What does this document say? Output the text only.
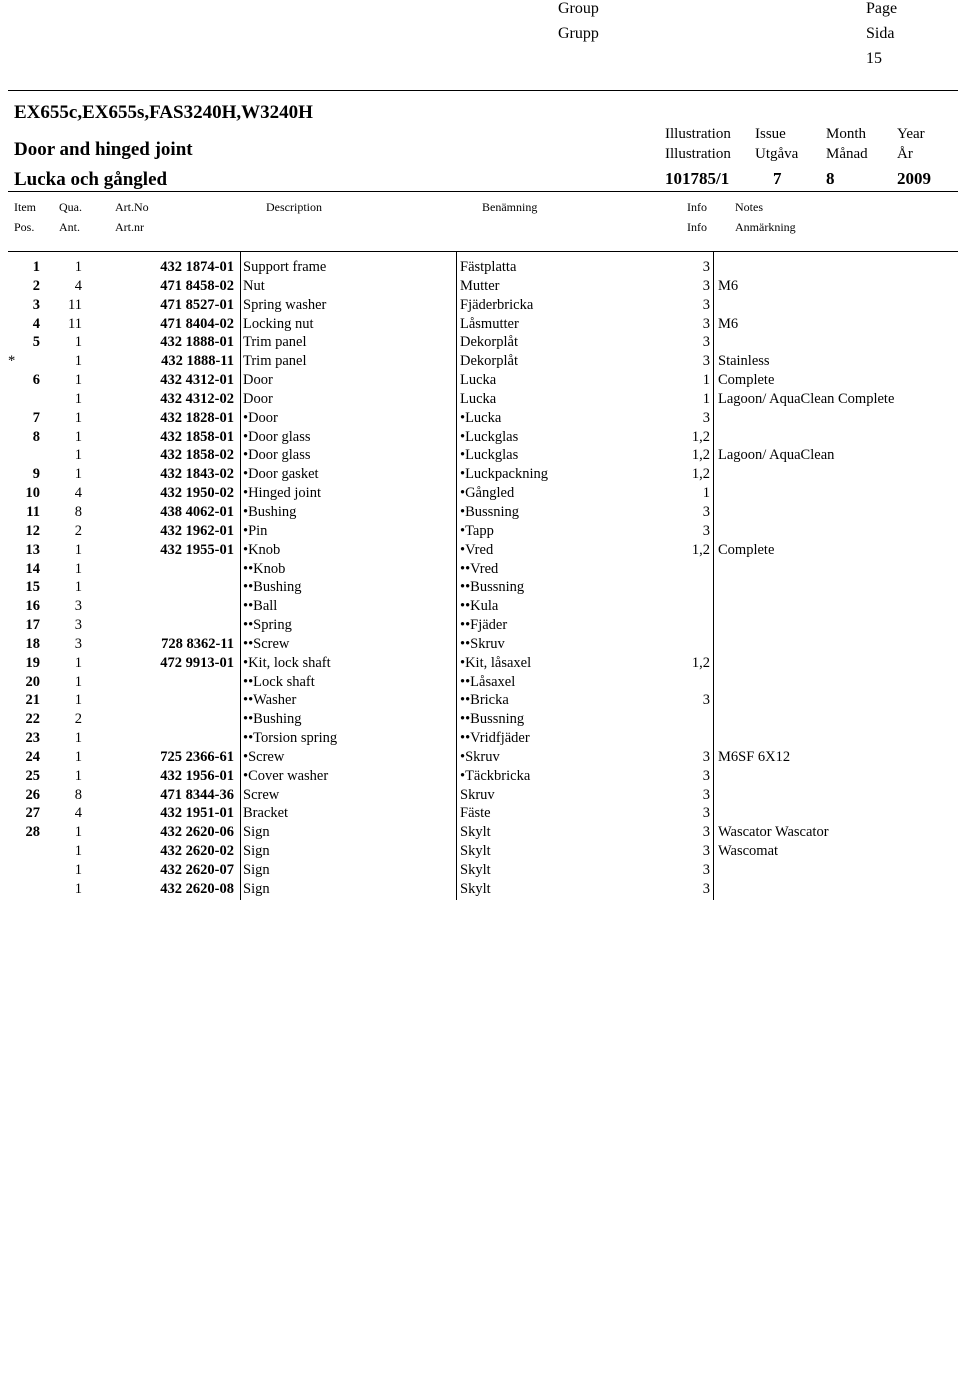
Group
Grupp
Page
Sida
15
EX655c,EX655s,FAS3240H,W3240H
Door and hinged joint
Lucka och gångled
Illustration
Illustration
Issue
Utgåva
Month
Månad
Year
År
101785/1	7	8	2009
Item
Pos.
Qua.
Ant.
Art.No
Art.nr
Description	Benämning	Info
Info
Notes
Anmärkning
1 1	432 1874-01 Support frame	Fästplatta	3
2 4	471 8458-02 Nut	Mutter	3 M6
3 11	471 8527-01 Spring washer	Fjäderbricka	3
4 11	471 8404-02 Locking nut	Låsmutter	3 M6
5 1	432 1888-01 Trim panel	Dekorplåt	3
*	1	432 1888-11 Trim panel	Dekorplåt	3 Stainless
6 1	432 4312-01 Door	Lucka	1 Complete
1	432 4312-02 Door	Lucka	1 Lagoon/ AquaClean Complete
7 1	432 1828-01 •Door	•Lucka	3
8 1	432 1858-01 •Door glass	•Luckglas	1,2
1	432 1858-02 •Door glass	•Luckglas	1,2 Lagoon/ AquaClean
9 1	432 1843-02 •Door gasket	•Luckpackning	1,2
10 4	432 1950-02 •Hinged joint	•Gångled	1
11 8	438 4062-01 •Bushing	•Bussning	3
12 2	432 1962-01 •Pin	•Tapp	3
13 1	432 1955-01 •Knob	•Vred	1,2 Complete
14 1	••Knob	••Vred
15 1	••Bushing	••Bussning
16 3	••Ball	••Kula
17 3	••Spring	••Fjäder
18 3	728 8362-11 ••Screw	••Skruv
19 1	472 9913-01 •Kit, lock shaft	•Kit, låsaxel	1,2
20 1	••Lock shaft	••Låsaxel
21 1	••Washer	••Bricka	3
22 2	••Bushing	••Bussning
23 1	••Torsion spring	••Vridfjäder
24 1	725 2366-61 •Screw	•Skruv	3 M6SF 6X12
25 1	432 1956-01 •Cover washer	•Täckbricka	3
26 8	471 8344-36 Screw	Skruv	3
27 4	432 1951-01 Bracket	Fäste	3
28 1	432 2620-06 Sign	Skylt	3 Wascator Wascator
1	432 2620-02 Sign	Skylt	3 Wascomat
1	432 2620-07 Sign	Skylt	3
1	432 2620-08 Sign	Skylt	3
